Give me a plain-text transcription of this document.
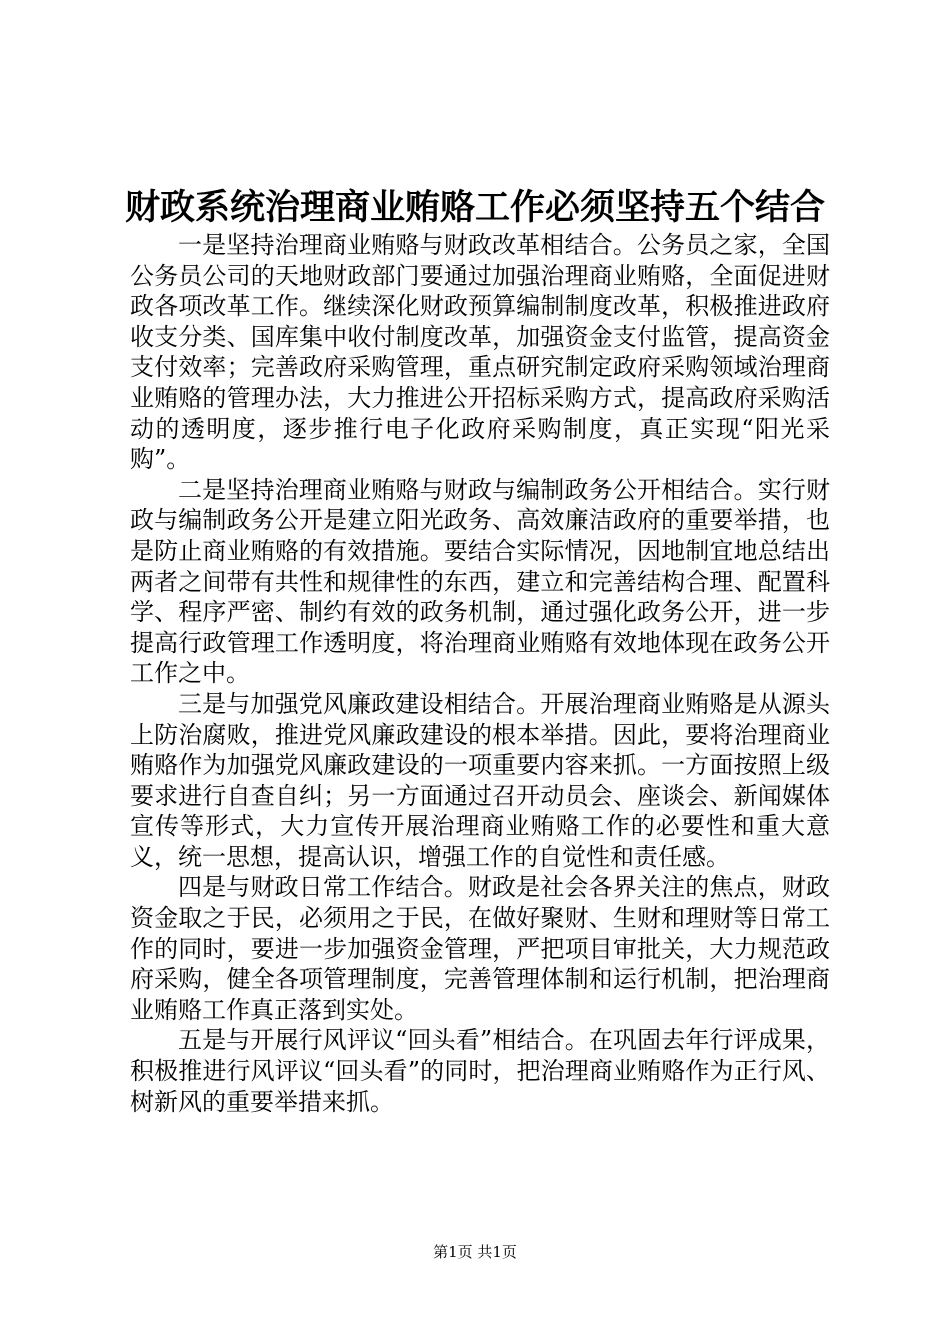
财政系统治理商业贿赂工作必须坚持五个结合

一是坚持治理商业贿赂与财政改革相结合。公务员之家，全国公务员公司的天地财政部门要通过加强治理商业贿赂，全面促进财政各项改革工作。继续深化财政预算编制制度改革，积极推进政府收支分类、国库集中收付制度改革，加强资金支付监管，提高资金支付效率；完善政府采购管理，重点研究制定政府采购领域治理商业贿赂的管理办法，大力推进公开招标采购方式，提高政府采购活动的透明度，逐步推行电子化政府采购制度，真正实现“阳光采购”。

二是坚持治理商业贿赂与财政与编制政务公开相结合。实行财政与编制政务公开是建立阳光政务、高效廉洁政府的重要举措，也是防止商业贿赂的有效措施。要结合实际情况，因地制宜地总结出两者之间带有共性和规律性的东西，建立和完善结构合理、配置科学、程序严密、制约有效的政务机制，通过强化政务公开，进一步提高行政管理工作透明度，将治理商业贿赂有效地体现在政务公开工作之中。

三是与加强党风廉政建设相结合。开展治理商业贿赂是从源头上防治腐败，推进党风廉政建设的根本举措。因此，要将治理商业贿赂作为加强党风廉政建设的一项重要内容来抓。一方面按照上级要求进行自查自纠；另一方面通过召开动员会、座谈会、新闻媒体宣传等形式，大力宣传开展治理商业贿赂工作的必要性和重大意义，统一思想，提高认识，增强工作的自觉性和责任感。

四是与财政日常工作结合。财政是社会各界关注的焦点，财政资金取之于民，必须用之于民，在做好聚财、生财和理财等日常工作的同时，要进一步加强资金管理，严把项目审批关，大力规范政府采购，健全各项管理制度，完善管理体制和运行机制，把治理商业贿赂工作真正落到实处。

五是与开展行风评议“回头看”相结合。在巩固去年行评成果，积极推进行风评议“回头看”的同时，把治理商业贿赂作为正行风、树新风的重要举措来抓。

第1页 共1页
